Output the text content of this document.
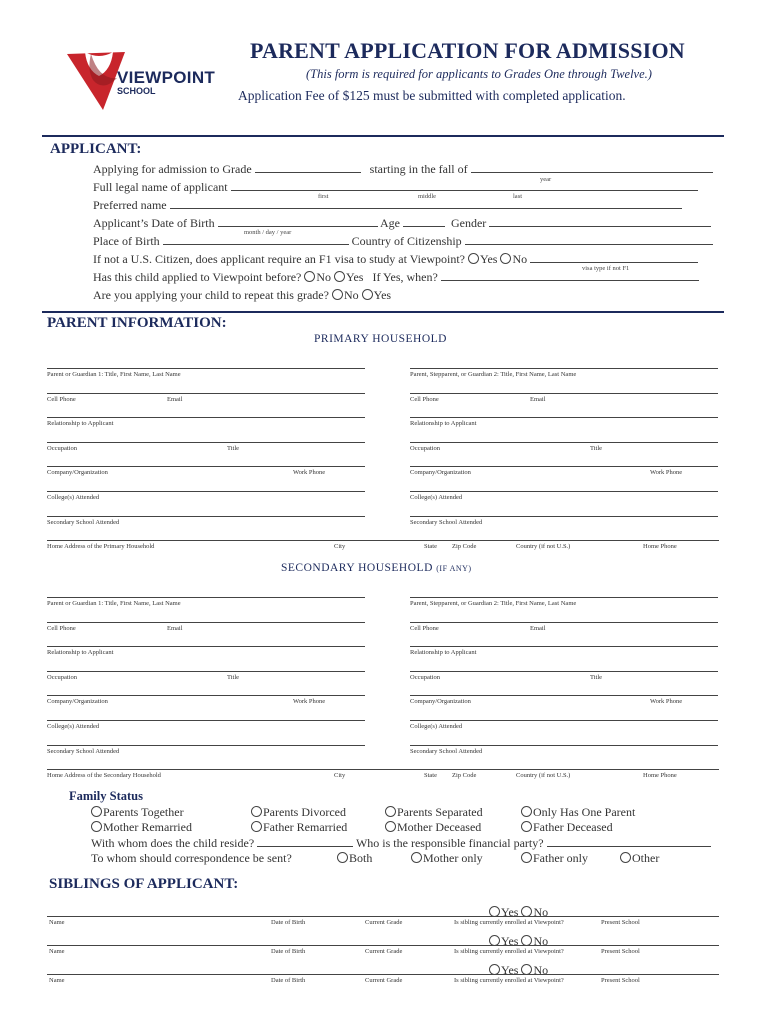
VIEWPOINT
SCHOOL
PARENT APPLICATION FOR ADMISSION
(This form is required for applicants to Grades One through Twelve.)
Application Fee of $125 must be submitted with completed application.
APPLICANT:
Applying for admission to Grade	starting in the fall of
year
Full legal name of applicant
first	middle	last
Preferred name
Applicant’s Date of Birth	Age	Gender
month / day / year
Place of Birth	Country of Citizenship
If not a U.S. Citizen, does applicant require an F1 visa to study at Viewpoint? Yes No
visa type if not F1
Has this child applied to Viewpoint before? No Yes If Yes, when?
Are you applying your child to repeat this grade? No Yes
PARENT INFORMATION:
PRIMARY HOUSEHOLD
SECONDARY HOUSEHOLD (IF ANY)
Parent or Guardian 1: Title, First Name, Last Name
Cell Phone	Email
Relationship to Applicant
Occupation	Title
Company/Organization	Work Phone
College(s) Attended
Secondary School Attended
Parent, Stepparent, or Guardian 2: Title, First Name, Last Name
Cell Phone	Email
Relationship to Applicant
Occupation	Title
Company/Organization	Work Phone
College(s) Attended
Secondary School Attended
Home Address of the Primary Household	City	State Zip Code	Country (if not U.S.)	Home Phone
Parent or Guardian 1: Title, First Name, Last Name
Cell Phone	Email
Relationship to Applicant
Occupation	Title
Company/Organization	Work Phone
College(s) Attended
Secondary School Attended
Parent, Stepparent, or Guardian 2: Title, First Name, Last Name
Cell Phone	Email
Relationship to Applicant
Occupation	Title
Company/Organization	Work Phone
College(s) Attended
Secondary School Attended
Home Address of the Secondary Household	City	State Zip Code	Country (if not U.S.)	Home Phone
Family Status
Parents Together	Parents Divorced	Parents Separated	Only Has One Parent
Mother Remarried	Father Remarried	Mother Deceased	Father Deceased
With whom does the child reside?	Who is the responsible financial party?
To whom should correspondence be sent?	Both	Mother only	Father only	Other
SIBLINGS OF APPLICANT:
Yes No
Name	Date of Birth	Current Grade	Is sibling currently enrolled at Viewpoint?	Present School
Yes No
Name	Date of Birth	Current Grade	Is sibling currently enrolled at Viewpoint?	Present School
Yes No
Name	Date of Birth	Current Grade	Is sibling currently enrolled at Viewpoint?	Present School
